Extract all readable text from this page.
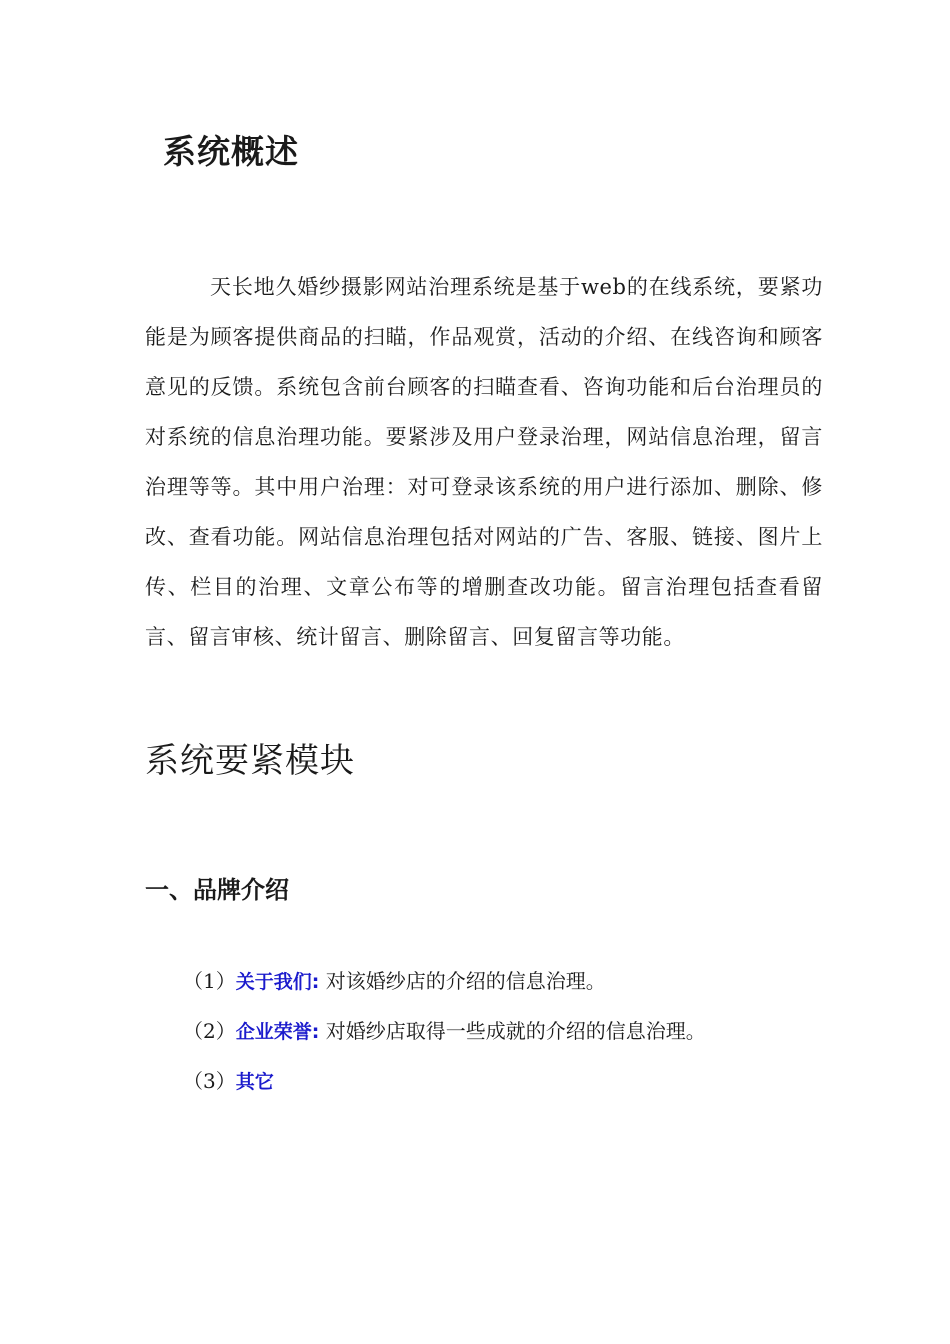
系统概述

天长地久婚纱摄影网站治理系统是基于web的在线系统，要紧功能是为顾客提供商品的扫瞄，作品观赏，活动的介绍、在线咨询和顾客意见的反馈。系统包含前台顾客的扫瞄查看、咨询功能和后台治理员的对系统的信息治理功能。要紧涉及用户登录治理，网站信息治理，留言治理等等。其中用户治理：对可登录该系统的用户进行添加、删除、修改、查看功能。网站信息治理包括对网站的广告、客服、链接、图片上传、栏目的治理、文章公布等的增删查改功能。留言治理包括查看留言、留言审核、统计留言、删除留言、回复留言等功能。

系统要紧模块
一、品牌介绍
（1）关于我们: 对该婚纱店的介绍的信息治理。
（2）企业荣誉: 对婚纱店取得一些成就的介绍的信息治理。
（3）其它
